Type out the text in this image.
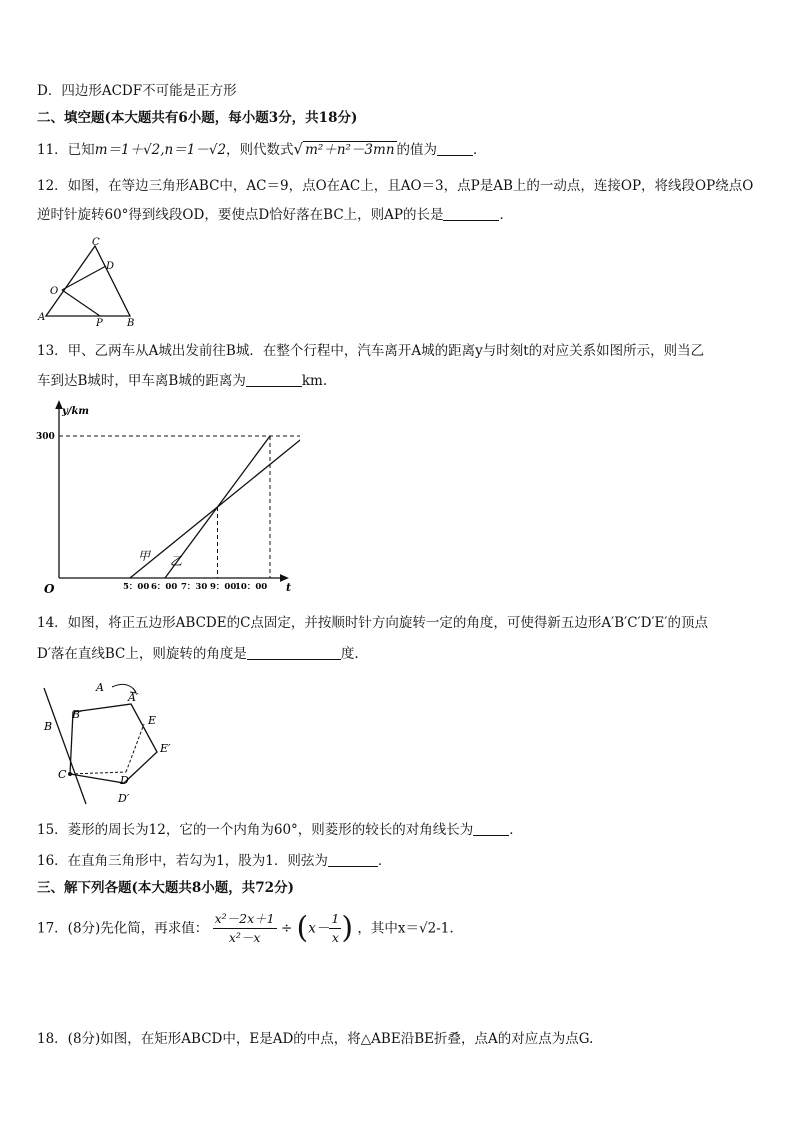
D．四边形ACDF不可能是正方形
二、填空题(本大题共有6小题，每小题3分，共18分)
11．已知m＝1＋√2,n＝1－√2，则代数式√ m²＋n²－3mn 的值为	．
12．如图，在等边三角形ABC中，AC＝9，点O在AC上，且AO＝3，点P是AB上的一动点，连接OP，将线段OP绕点O
逆时针旋转60°得到线段OD，要使点D恰好落在BC上，则AP的长是	．
C
D
O
A
P B
13．甲、乙两车从A城出发前往B城．在整个行程中，汽车离开A城的距离y与时刻t的对应关系如图所示，则当乙
车到达B城时，甲车离B城的距离为	km.
y/km
t
O
300
5：00 6：00 7：30 9：00
10：00
甲 乙
14．如图，将正五边形ABCDE的C点固定，并按顺时针方向旋转一定的角度，可使得新五边形A′B′C′D′E′的顶点
D′落在直线BC上，则旋转的角度是	度.
A
A′
B′
B	E
E′
C	D
D′
15．菱形的周长为12，它的一个内角为60°，则菱形的较长的对角线长为	．
16．在直角三角形中，若勾为1，股为1．则弦为	．
三、解下列各题(本大题共8小题，共72分)
17．(8分)先化简，再求值： $\frac{\text{x²－2x＋1}}{\text{x²－x}} \div (x- \frac{1}{x}$ ) ，其中x＝√2-1.
18．(8分)如图，在矩形ABCD中，E是AD的中点，将△ABE沿BE折叠，点A的对应点为点G.
